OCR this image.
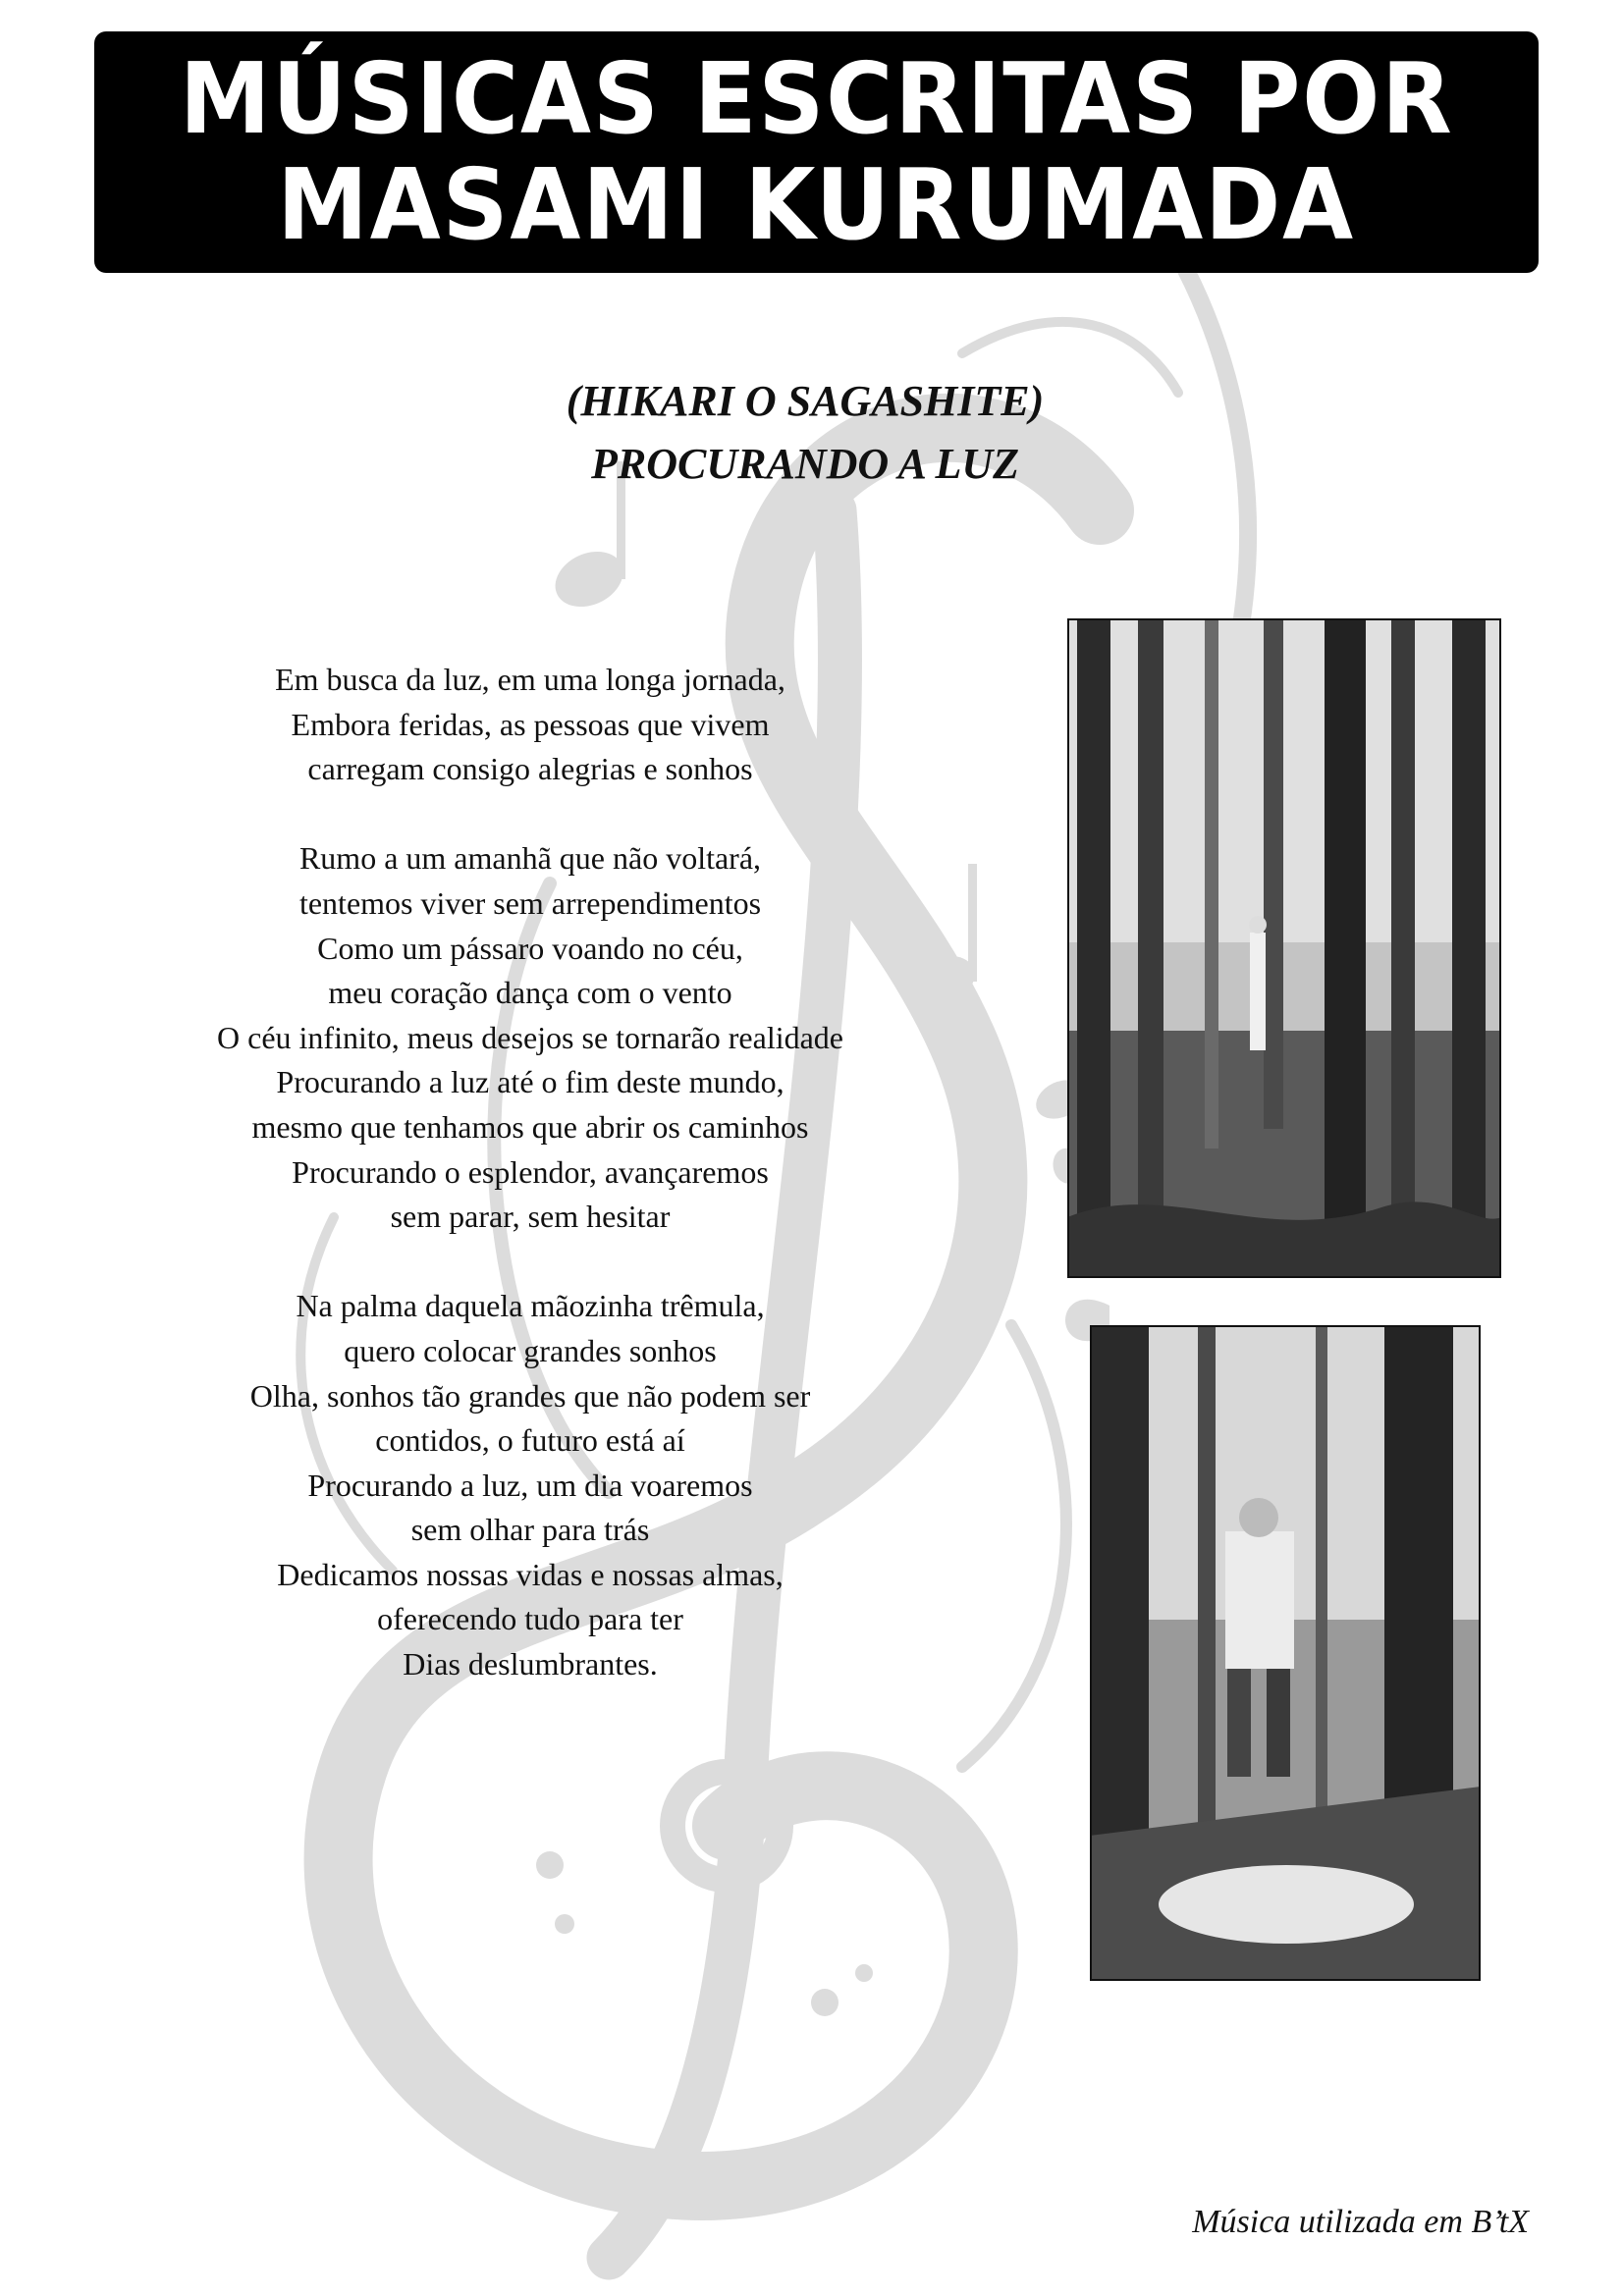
MÚSICAS ESCRITAS POR
MASAMI KURUMADA
(HIKARI O SAGASHITE)
PROCURANDO A LUZ
Em busca da luz, em uma longa jornada,
Embora feridas, as pessoas que vivem
carregam consigo alegrias e sonhos
Rumo a um amanhã que não voltará,
tentemos viver sem arrependimentos
Como um pássaro voando no céu,
meu coração dança com o vento
O céu infinito, meus desejos se tornarão realidade
Procurando a luz até o fim deste mundo,
mesmo que tenhamos que abrir os caminhos
Procurando o esplendor, avançaremos
sem parar, sem hesitar
Na palma daquela mãozinha trêmula,
quero colocar grandes sonhos
Olha, sonhos tão grandes que não podem ser
contidos, o futuro está aí
Procurando a luz, um dia voaremos
sem olhar para trás
Dedicamos nossas vidas e nossas almas,
oferecendo tudo para ter
Dias deslumbrantes.
Música utilizada em B’tX
